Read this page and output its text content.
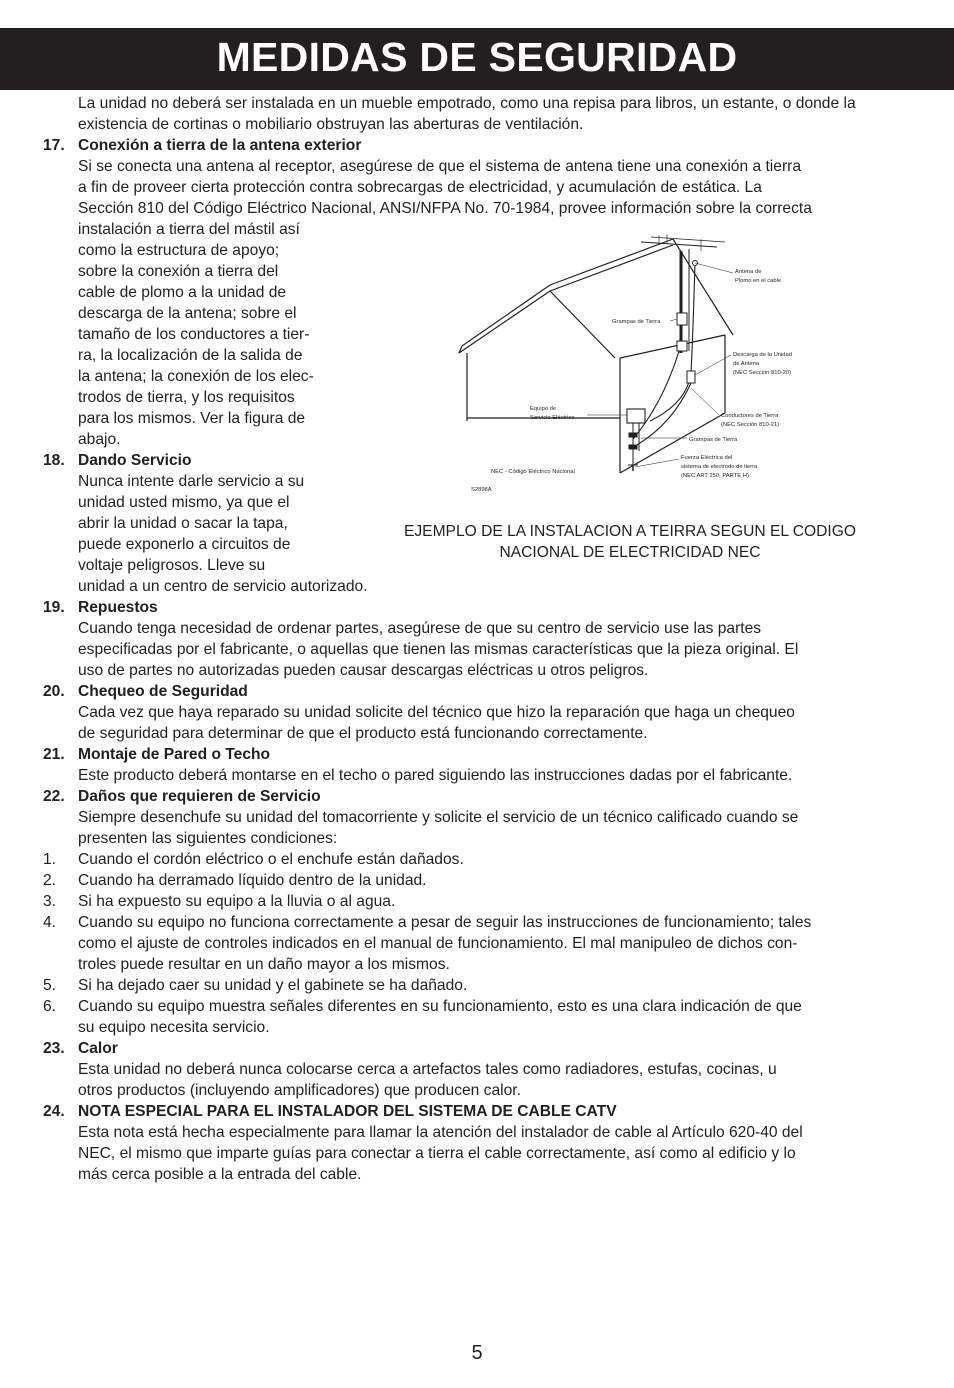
MEDIDAS DE SEGURIDAD

La unidad no deberá ser instalada en un mueble empotrado, como una repisa para libros, un estante, o donde la existencia de cortinas o mobiliario obstruyan las aberturas de ventilación.

17. Conexión a tierra de la antena exterior

Si se conecta una antena al receptor, asegúrese de que el sistema de antena tiene una conexión a tierra

a fin de proveer cierta protección contra sobrecargas de electricidad, y acumulación de estática. La

Sección 810 del Código Eléctrico Nacional, ANSI/NFPA No. 70-1984, provee información sobre la correcta

instalación a tierra del mástil así

como la estructura de apoyo;

sobre la conexión a tierra del

cable de plomo a la unidad de

descarga de la antena; sobre el

tamaño de los conductores a tier-

ra, la localización de la salida de

la antena; la conexión de los elec-

trodos de tierra, y los requisitos

para los mismos. Ver la figura de

abajo.

18. Dando Servicio

Nunca intente darle servicio a su

unidad usted mismo, ya que el

abrir la unidad o sacar la tapa,

puede exponerlo a circuitos de

voltaje peligrosos. Lleve su

unidad a un centro de servicio autorizado.

19. Repuestos

Cuando tenga necesidad de ordenar partes, asegúrese de que su centro de servicio use las partes

especificadas por el fabricante, o aquellas que tienen las mismas características que la pieza original. El

uso de partes no autorizadas pueden causar descargas eléctricas u otros peligros.

20. Chequeo de Seguridad

Cada vez que haya reparado su unidad solicite del técnico que hizo la reparación que haga un chequeo

de seguridad para determinar de que el producto está funcionando correctamente.

21. Montaje de Pared o Techo

Este producto deberá montarse en el techo o pared siguiendo las instrucciones dadas por el fabricante.

22. Daños que requieren de Servicio

Siempre desenchufe su unidad del tomacorriente y solicite el servicio de un técnico calificado cuando se

presenten las siguientes condiciones:

1. Cuando el cordón eléctrico o el enchufe están dañados.

2. Cuando ha derramado líquido dentro de la unidad.

3. Si ha expuesto su equipo a la lluvia o al agua.

4. Cuando su equipo no funciona correctamente a pesar de seguir las instrucciones de funcionamiento; tales

como el ajuste de controles indicados en el manual de funcionamiento. El mal manipuleo de dichos con-

troles puede resultar en un daño mayor a los mismos.

5. Si ha dejado caer su unidad y el gabinete se ha dañado.

6. Cuando su equipo muestra señales diferentes en su funcionamiento, esto es una clara indicación de que

su equipo necesita servicio.

23. Calor

Esta unidad no deberá nunca colocarse cerca a artefactos tales como radiadores, estufas, cocinas, u

otros productos (incluyendo amplificadores) que producen calor.

24. NOTA ESPECIAL PARA EL INSTALADOR DEL SISTEMA DE CABLE CATV

Esta nota está hecha especialmente para llamar la atención del instalador de cable al Artículo 620-40 del

NEC, el mismo que imparte guías para conectar a tierra el cable correctamente, así como al edificio y lo

más cerca posible a la entrada del cable.

Antena de
Plomo en el cable
Grampas de Tierra
Descarga de la Unidad
de Antena
(NEC Sección 810-20)
Equipo de
Servicio Eléctrico	Conductores de Tierra
(NEC Sección 810-21)
Grampas de Tierra
NEC - Código Eléctrico Nacional
Fuerza Eléctrica del
sistema de electrodo de tierra
(NEC ART 250, PARTE H)
S2898A

EJEMPLO DE LA INSTALACION A TEIRRA SEGUN EL CODIGO

NACIONAL DE ELECTRICIDAD NEC

5
